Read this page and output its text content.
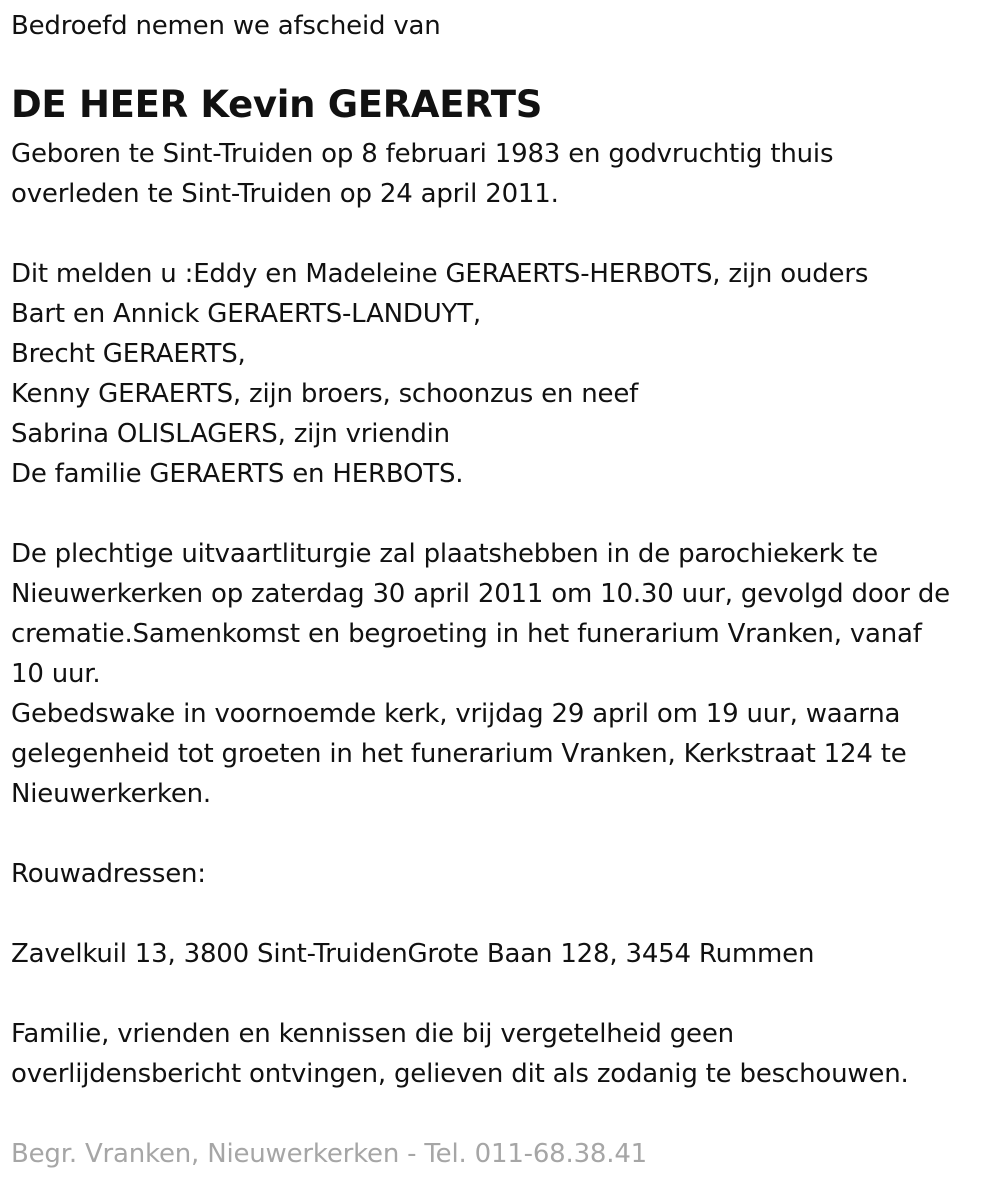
Bedroefd nemen we afscheid van
DE HEER Kevin GERAERTS
Geboren te Sint-Truiden op 8 februari 1983 en godvruchtig thuis
overleden te Sint-Truiden op 24 april 2011.
Dit melden u :Eddy en Madeleine GERAERTS-HERBOTS, zijn ouders
Bart en Annick GERAERTS-LANDUYT,
Brecht GERAERTS,
Kenny GERAERTS, zijn broers, schoonzus en neef
Sabrina OLISLAGERS, zijn vriendin
De familie GERAERTS en HERBOTS.
De plechtige uitvaartliturgie zal plaatshebben in de parochiekerk te
Nieuwerkerken op zaterdag 30 april 2011 om 10.30 uur, gevolgd door de
crematie.Samenkomst en begroeting in het funerarium Vranken, vanaf
10 uur.
Gebedswake in voornoemde kerk, vrijdag 29 april om 19 uur, waarna
gelegenheid tot groeten in het funerarium Vranken, Kerkstraat 124 te
Nieuwerkerken.
Rouwadressen:
Zavelkuil 13, 3800 Sint-TruidenGrote Baan 128, 3454 Rummen
Familie, vrienden en kennissen die bij vergetelheid geen
overlijdensbericht ontvingen, gelieven dit als zodanig te beschouwen.
Begr. Vranken, Nieuwerkerken - Tel. 011-68.38.41
